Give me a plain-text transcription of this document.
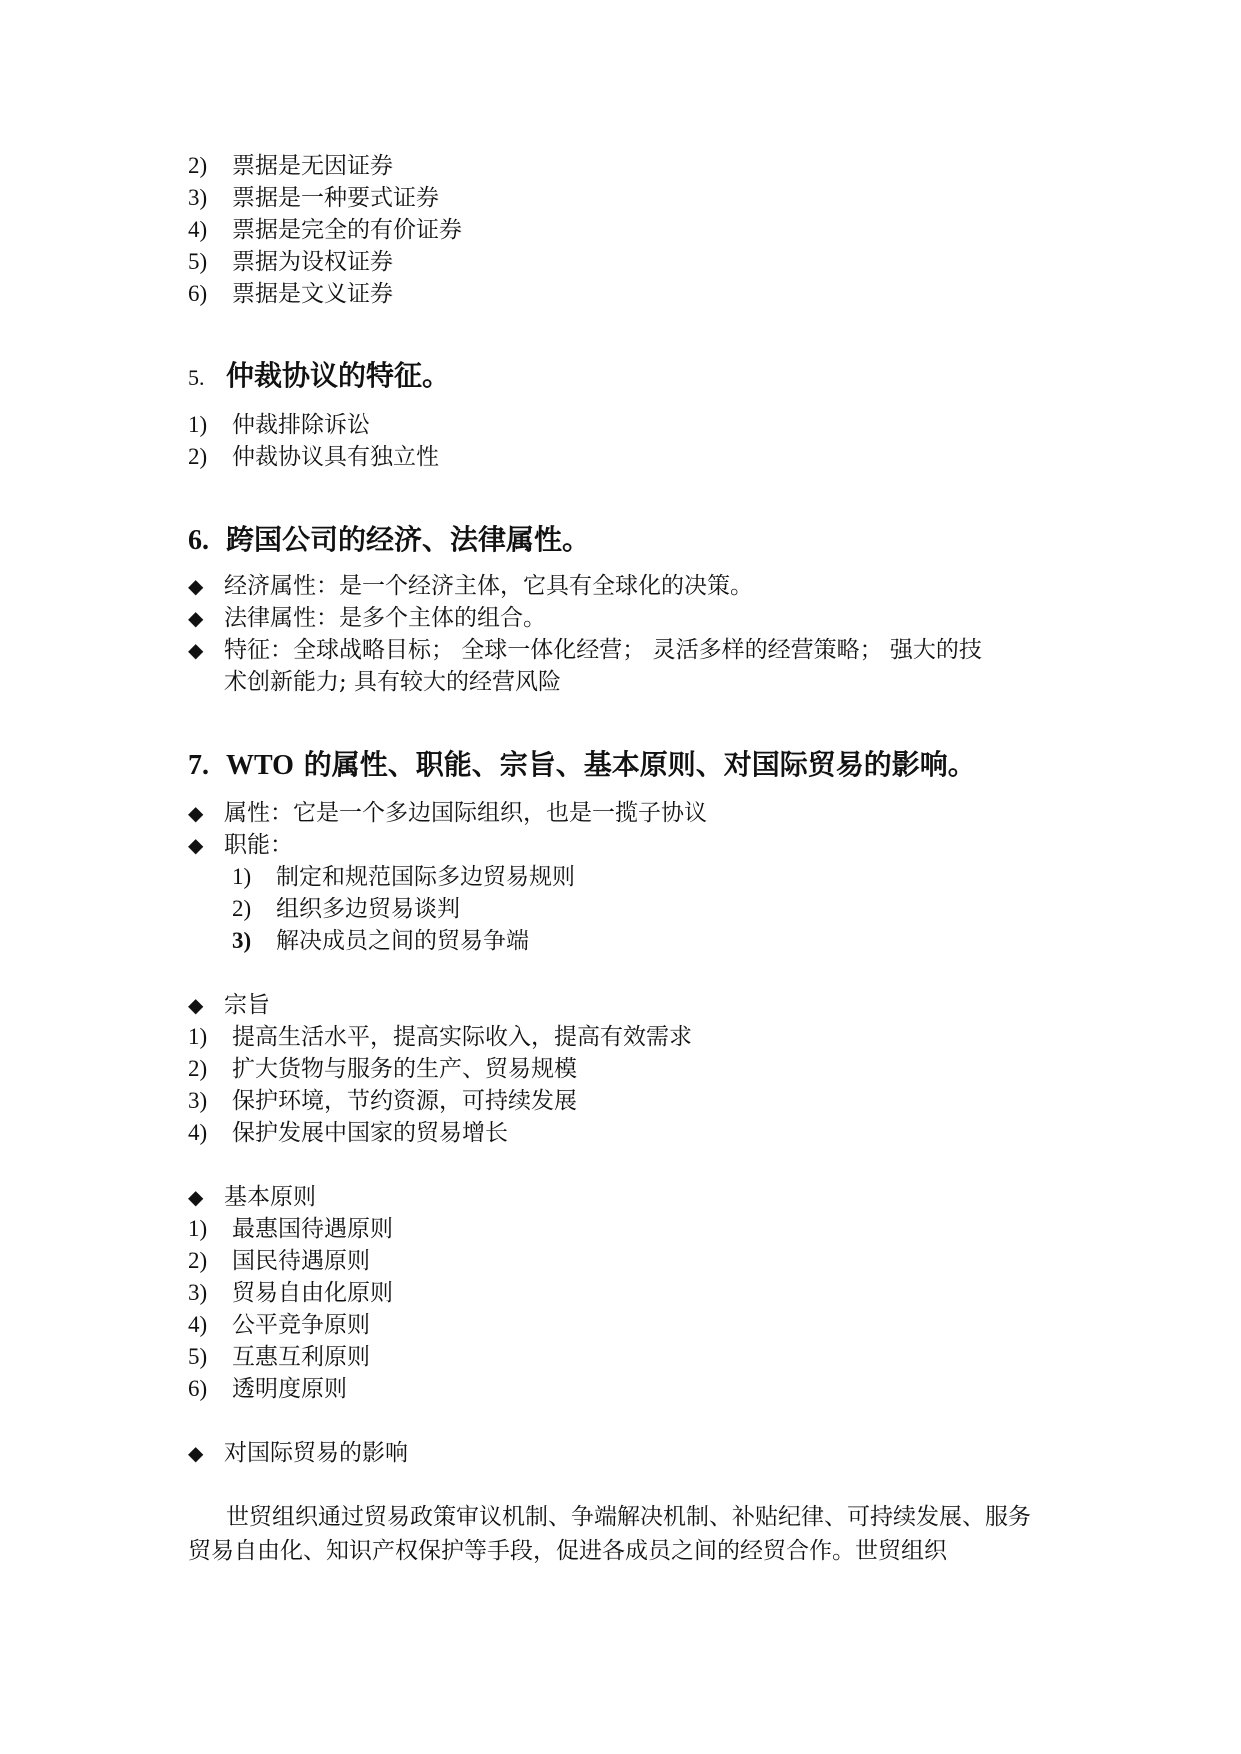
2) 票据是无因证券
3) 票据是一种要式证券
4) 票据是完全的有价证券
5) 票据为设权证券
6) 票据是文义证券
5. 仲裁协议的特征。
1) 仲裁排除诉讼
2) 仲裁协议具有独立性
6. 跨国公司的经济、法律属性。
◆ 经济属性：是一个经济主体，它具有全球化的决策。
◆ 法律属性：是多个主体的组合。
◆ 特征：全球战略目标； 全球一体化经营； 灵活多样的经营策略； 强大的技
术创新能力; 具有较大的经营风险
7. WTO 的属性、职能、宗旨、基本原则、对国际贸易的影响。
◆ 属性：它是一个多边国际组织，也是一揽子协议
◆ 职能：
1) 制定和规范国际多边贸易规则
2) 组织多边贸易谈判
3) 解决成员之间的贸易争端
◆ 宗旨
1) 提高生活水平，提高实际收入，提高有效需求
2) 扩大货物与服务的生产、贸易规模
3) 保护环境，节约资源，可持续发展
4) 保护发展中国家的贸易增长
◆ 基本原则
1) 最惠国待遇原则
2) 国民待遇原则
3) 贸易自由化原则
4) 公平竞争原则
5) 互惠互利原则
6) 透明度原则
◆ 对国际贸易的影响
世贸组织通过贸易政策审议机制、争端解决机制、补贴纪律、可持续发展、服务贸易自由化、知识产权保护等手段，促进各成员之间的经贸合作。世贸组织
